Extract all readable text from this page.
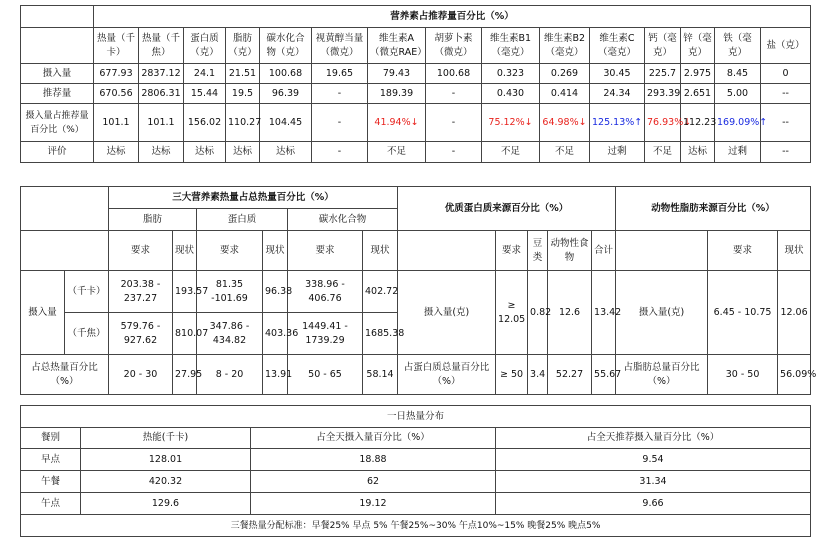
	营养素占推荐量百分比（%）														
	热量（千卡）	热量（千焦）	蛋白质（克）	脂肪（克）	碳水化合物（克）	视黄醇当量（微克）	维生素A（微克RAE）	胡萝卜素（微克）	维生素B1（毫克）	维生素B2（毫克）	维生素C（毫克）	钙（毫克）	锌（毫克）	铁（毫克）	盐（克）
摄入量	677.93	2837.12	24.1	21.51	100.68	19.65	79.43	100.68	0.323	0.269	30.45	225.7	2.975	8.45	0
推荐量	670.56	2806.31	15.44	19.5	96.39	-	189.39	-	0.430	0.414	24.34	293.39	2.651	5.00	--
摄入量占推荐量百分比（%）	101.1	101.1	156.02	110.27	104.45	-	41.94%↓	-	75.12%↓	64.98%↓	125.13%↑	76.93%↓	112.23	169.09%↑	--
评价	达标	达标	达标	达标	达标	-	不足	-	不足	不足	过剩	不足	达标	过剩	--
		三大营养素热量占总热量百分比（%）						优质蛋白质来源百分比（%）					动物性脂肪来源百分比（%）		
		脂肪		蛋白质		碳水化合物									
		要求	现状	要求	现状	要求	现状		要求	豆类	动物性食物	合计		要求	现状
摄入量	（千卡）	203.38 - 237.27	193.57	81.35 -101.69	96.38	338.96 - 406.76	402.72	摄入量(克)	≥ 12.05	0.82	12.6	13.42	摄入量(克)	6.45 - 10.75	12.06
	（千焦）	579.76 - 927.62	810.07	347.86 - 434.82	403.36	1449.41 - 1739.29	1685.38								
占总热量百分比（%）		20 - 30	27.95	8 - 20	13.91	50 - 65	58.14	占蛋白质总量百分比（%）	≥ 50	3.4	52.27	55.67	占脂肪总量百分比（%）	30 - 50	56.09%
一日热量分布			
餐别	热能(千卡)	占全天摄入量百分比（%）	占全天推荐摄入量百分比（%）
早点	128.01	18.88	9.54
午餐	420.32	62	31.34
午点	129.6	19.12	9.66
三餐热量分配标准：早餐25% 早点 5% 午餐25%~30% 午点10%~15% 晚餐25% 晚点5%			
